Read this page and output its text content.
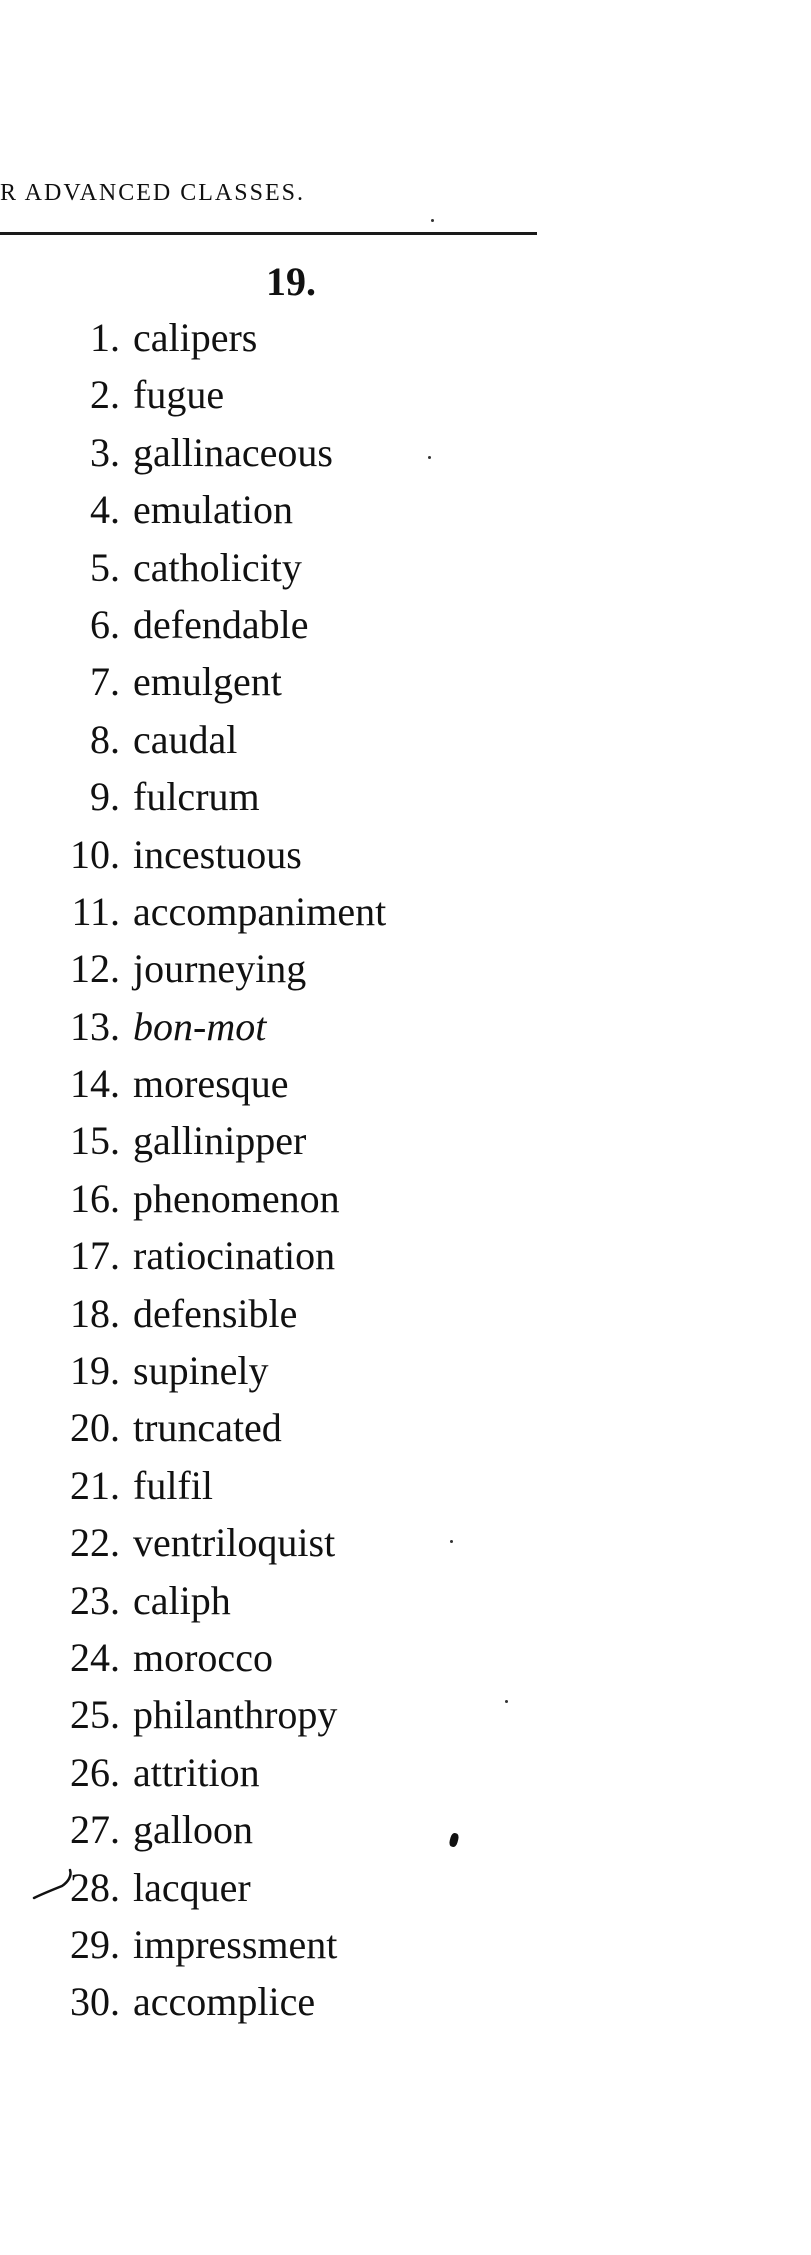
R ADVANCED CLASSES.
19.
1. calipers
2. fugue
3. gallinaceous
4. emulation
5. catholicity
6. defendable
7. emulgent
8. caudal
9. fulcrum
10. incestuous
11. accompaniment
12. journeying
13. bon-mot
14. moresque
15. gallinipper
16. phenomenon
17. ratiocination
18. defensible
19. supinely
20. truncated
21. fulfil
22. ventriloquist
23. caliph
24. morocco
25. philanthropy
26. attrition
27. galloon
28. lacquer
29. impressment
30. accomplice
